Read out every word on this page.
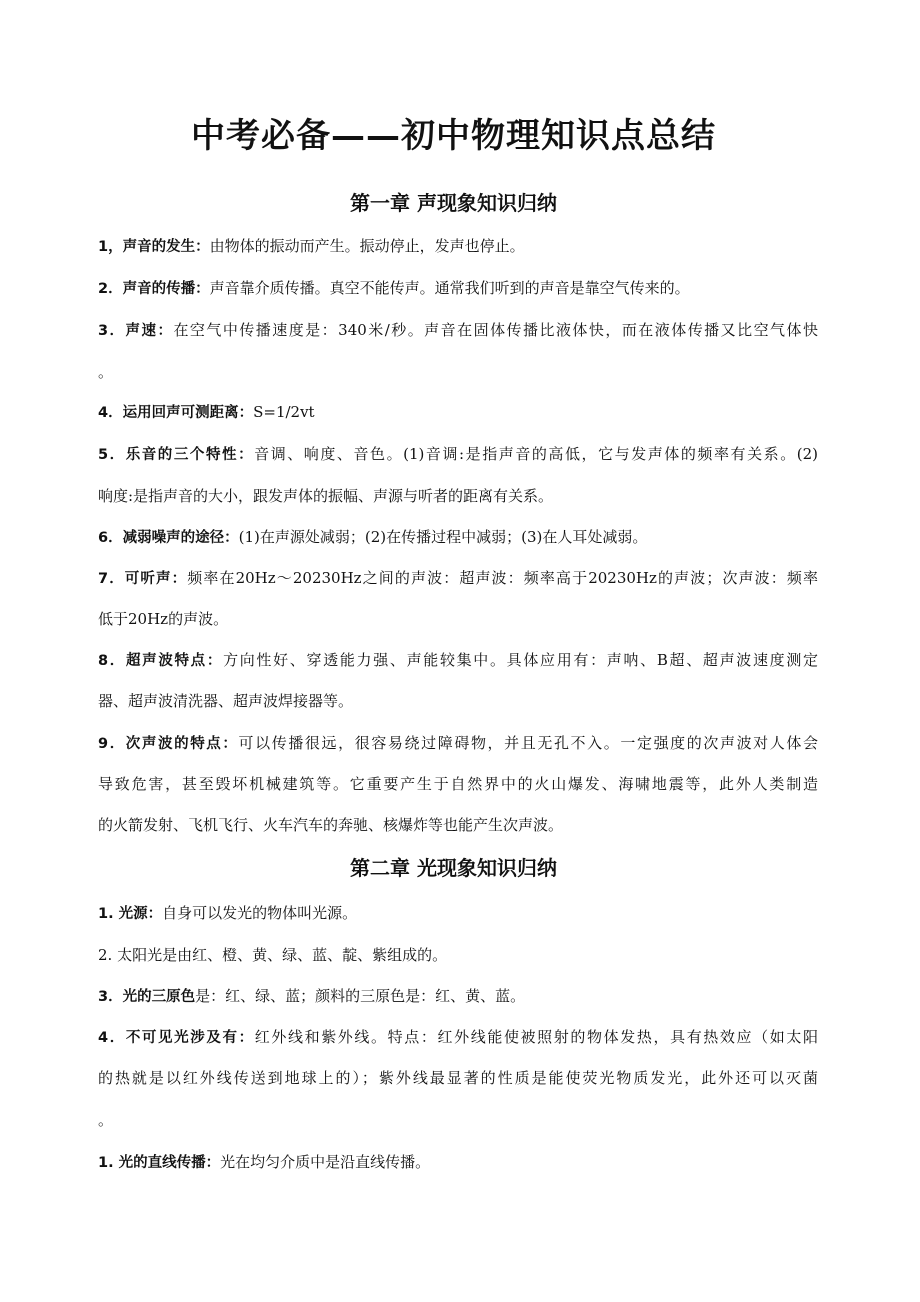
中考必备——初中物理知识点总结
第一章 声现象知识归纳
1，声音的发生：由物体的振动而产生。振动停止，发声也停止。
2．声音的传播：声音靠介质传播。真空不能传声。通常我们听到的声音是靠空气传来的。
3．声速：在空气中传播速度是：340米/秒。声音在固体传播比液体快，而在液体传播又比空气体快
。
4．运用回声可测距离：S=1/2vt
5．乐音的三个特性：音调、响度、音色。(1)音调:是指声音的高低，它与发声体的频率有关系。(2)
响度:是指声音的大小，跟发声体的振幅、声源与听者的距离有关系。
6．减弱噪声的途径：(1)在声源处减弱；(2)在传播过程中减弱；(3)在人耳处减弱。
7．可听声：频率在20Hz～20230Hz之间的声波：超声波：频率高于20230Hz的声波；次声波：频率
低于20Hz的声波。
8．超声波特点：方向性好、穿透能力强、声能较集中。具体应用有：声呐、B超、超声波速度测定
器、超声波清洗器、超声波焊接器等。
9．次声波的特点：可以传播很远，很容易绕过障碍物，并且无孔不入。一定强度的次声波对人体会
导致危害，甚至毁坏机械建筑等。它重要产生于自然界中的火山爆发、海啸地震等，此外人类制造
的火箭发射、飞机飞行、火车汽车的奔驰、核爆炸等也能产生次声波。
第二章 光现象知识归纳
1. 光源：自身可以发光的物体叫光源。
2. 太阳光是由红、橙、黄、绿、蓝、靛、紫组成的。
3．光的三原色是：红、绿、蓝；颜料的三原色是：红、黄、蓝。
4．不可见光涉及有：红外线和紫外线。特点：红外线能使被照射的物体发热，具有热效应（如太阳
的热就是以红外线传送到地球上的）；紫外线最显著的性质是能使荧光物质发光，此外还可以灭菌
。
1. 光的直线传播：光在均匀介质中是沿直线传播。
